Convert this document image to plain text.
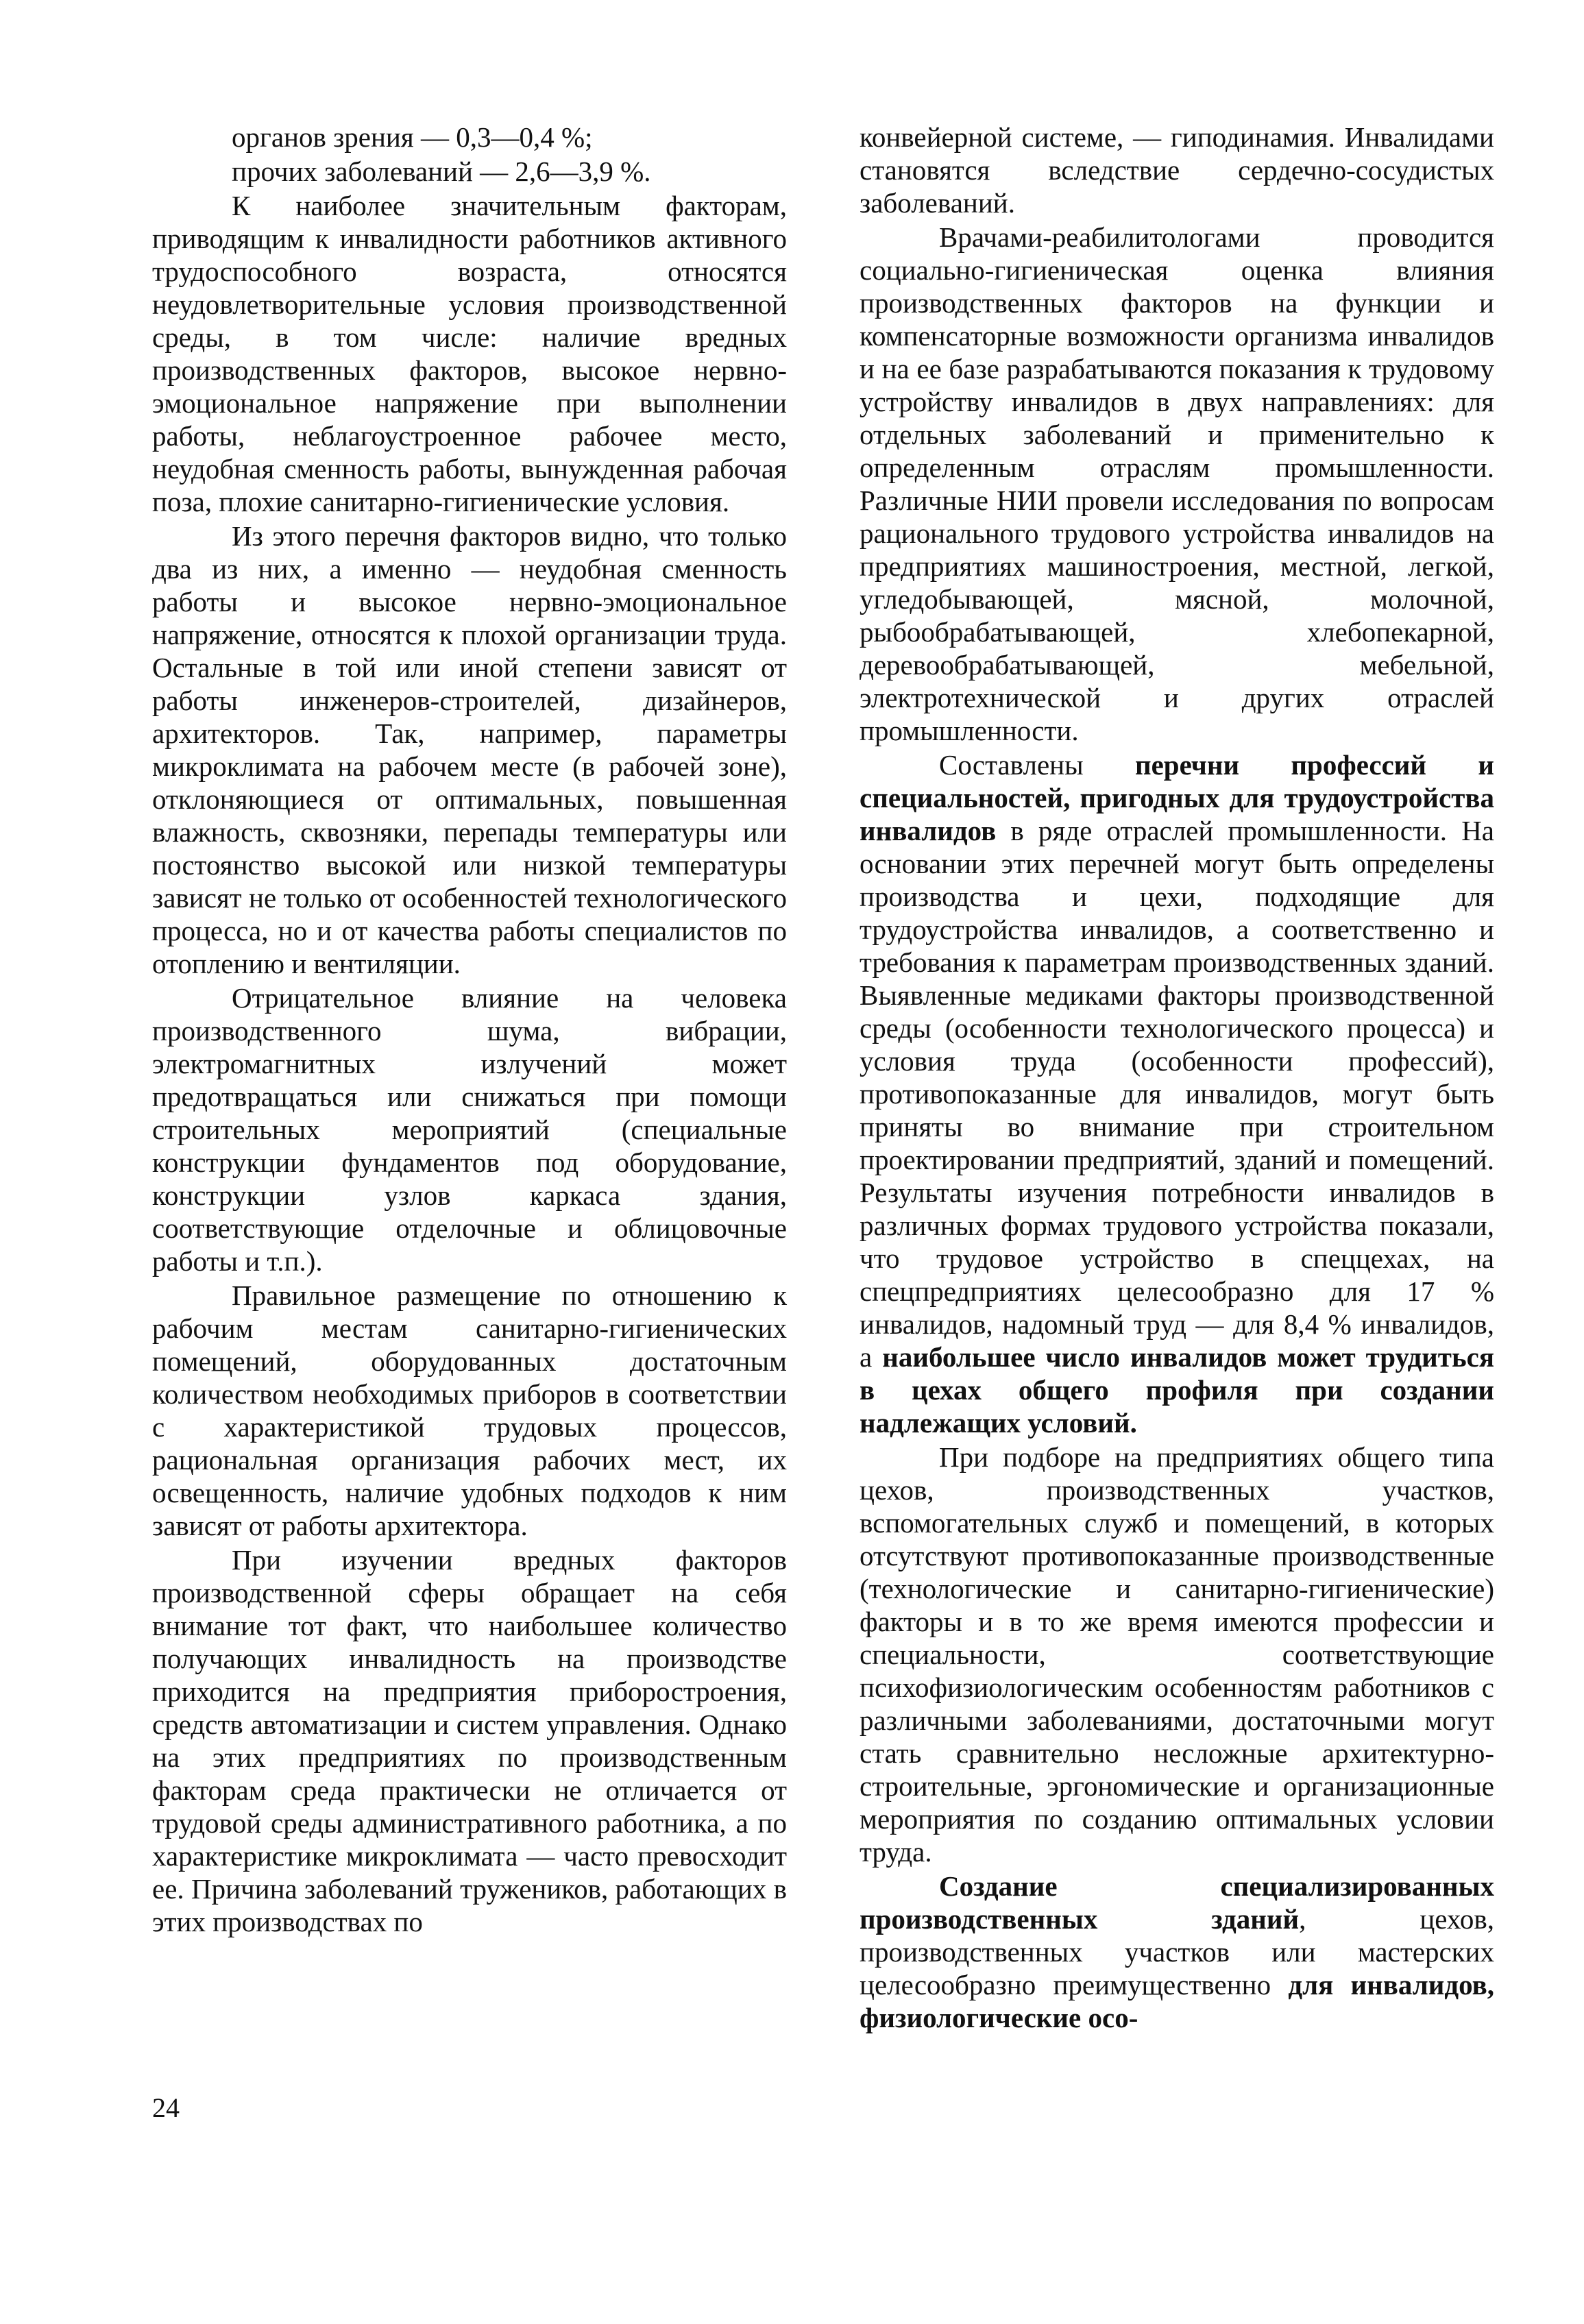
органов зрения — 0,3—0,4 %;

прочих заболеваний — 2,6—3,9 %.

К наиболее значительным факторам, приводящим к инвалидности работников активного трудоспособного возраста, относятся неудовлетворительные условия производственной среды, в том числе: наличие вредных производственных факторов, высокое нервно-эмоциональное напряжение при выполнении работы, неблагоустроенное рабочее место, неудобная сменность работы, вынужденная рабочая поза, плохие санитарно-гигиенические условия.

Из этого перечня факторов видно, что только два из них, а именно — неудобная сменность работы и высокое нервно-эмоциональное напряжение, относятся к плохой организации труда. Остальные в той или иной степени зависят от работы инженеров-строителей, дизайнеров, архитекторов. Так, например, параметры микроклимата на рабочем месте (в рабочей зоне), отклоняющиеся от оптимальных, повышенная влажность, сквозняки, перепады температуры или постоянство высокой или низкой температуры зависят не только от особенностей технологического процесса, но и от качества работы специалистов по отоплению и вентиляции.

Отрицательное влияние на человека производственного шума, вибрации, электромагнитных излучений может предотвращаться или снижаться при помощи строительных мероприятий (специальные конструкции фундаментов под оборудование, конструкции узлов каркаса здания, соответствующие отделочные и облицовочные работы и т.п.).

Правильное размещение по отношению к рабочим местам санитарно-гигиенических помещений, оборудованных достаточным количеством необходимых приборов в соответствии с характеристикой трудовых процессов, рациональная организация рабочих мест, их освещенность, наличие удобных подходов к ним зависят от работы архитектора.

При изучении вредных факторов производственной сферы обращает на себя внимание тот факт, что наибольшее количество получающих инвалидность на производстве приходится на предприятия приборостроения, средств автоматизации и систем управления. Однако на этих предприятиях по производственным факторам среда практически не отличается от трудовой среды административного работника, а по характеристике микроклимата — часто превосходит ее. Причина заболеваний тружеников, работающих в этих производствах по

конвейерной системе, — гиподинамия. Инвалидами становятся вследствие сердечно-сосудистых заболеваний.

Врачами-реабилитологами проводится социально-гигиеническая оценка влияния производственных факторов на функции и компенсаторные возможности организма инвалидов и на ее базе разрабатываются показания к трудовому устройству инвалидов в двух направлениях: для отдельных заболеваний и применительно к определенным отраслям промышленности. Различные НИИ провели исследования по вопросам рационального трудового устройства инвалидов на предприятиях машиностроения, местной, легкой, угледобывающей, мясной, молочной, рыбообрабатывающей, хлебопекарной, деревообрабатывающей, мебельной, электротехнической и других отраслей промышленности.

Составлены перечни профессий и специальностей, пригодных для трудоустройства инвалидов в ряде отраслей промышленности. На основании этих перечней могут быть определены производства и цехи, подходящие для трудоустройства инвалидов, а соответственно и требования к параметрам производственных зданий. Выявленные медиками факторы производственной среды (особенности технологического процесса) и условия труда (особенности профессий), противопоказанные для инвалидов, могут быть приняты во внимание при строительном проектировании предприятий, зданий и помещений. Результаты изучения потребности инвалидов в различных формах трудового устройства показали, что трудовое устройство в спеццехах, на спецпредприятиях целесообразно для 17 % инвалидов, надомный труд — для 8,4 % инвалидов, а наибольшее число инвалидов может трудиться в цехах общего профиля при создании надлежащих условий.

При подборе на предприятиях общего типа цехов, производственных участков, вспомогательных служб и помещений, в которых отсутствуют противопоказанные производственные (технологические и санитарно-гигиенические) факторы и в то же время имеются профессии и специальности, соответствующие психофизиологическим особенностям работников с различными заболеваниями, достаточными могут стать сравнительно несложные архитектурно-строительные, эргономические и организационные мероприятия по созданию оптимальных условии труда.

Создание специализированных производственных зданий, цехов, производственных участков или мастерских целесообразно преимущественно для инвалидов, физиологические осо-

24
